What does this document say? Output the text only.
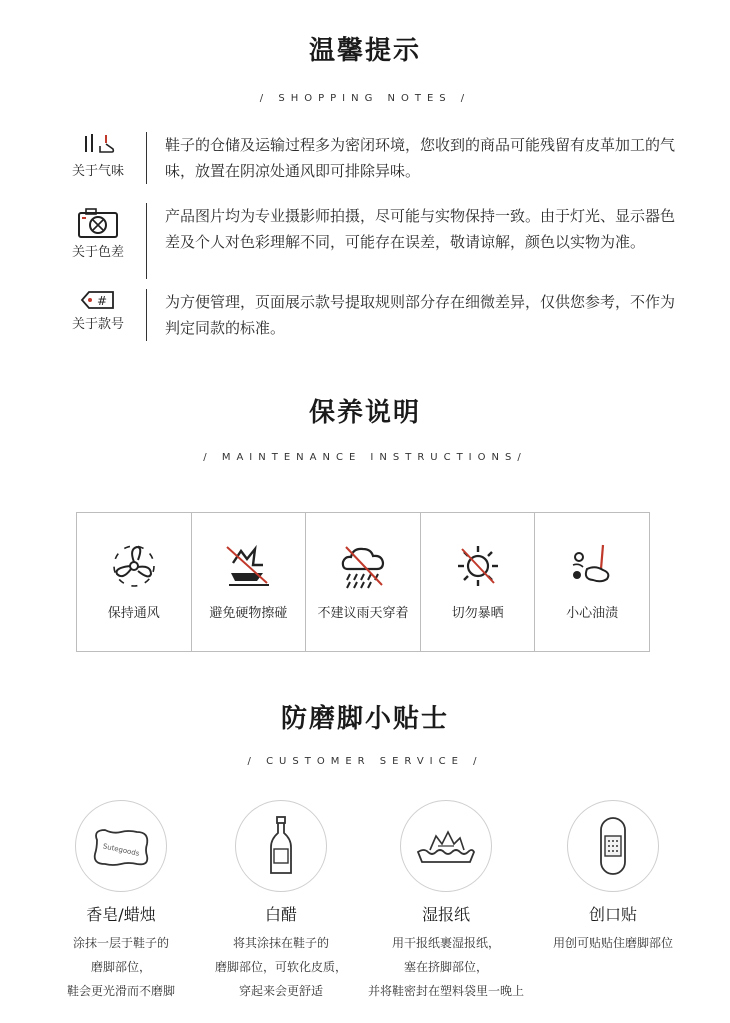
温馨提示
/ SHOPPING NOTES /
关于气味
鞋子的仓储及运输过程多为密闭环境，您收到的商品可能残留有皮革加工的气味，放置在阴凉处通风即可排除异味。
关于色差
产品图片均为专业摄影师拍摄，尽可能与实物保持一致。由于灯光、显示器色差及个人对色彩理解不同，可能存在误差，敬请谅解，颜色以实物为准。
#
关于款号
为方便管理，页面展示款号提取规则部分存在细微差异，仅供您参考，不作为判定同款的标准。
保养说明
/ MAINTENANCE INSTRUCTIONS/
保持通风	避免硬物擦碰	不建议雨天穿着	切勿暴晒	小心油渍
防磨脚小贴士
/ CUSTOMER SERVICE /
Sutegoods
香皂/蜡烛
涂抹一层于鞋子的
磨脚部位，
鞋会更光滑而不磨脚
白醋
将其涂抹在鞋子的
磨脚部位，可软化皮质，
穿起来会更舒适
湿报纸
用干报纸裹湿报纸，
塞在挤脚部位，
并将鞋密封在塑料袋里一晚上
创口贴
用创可贴贴住磨脚部位
